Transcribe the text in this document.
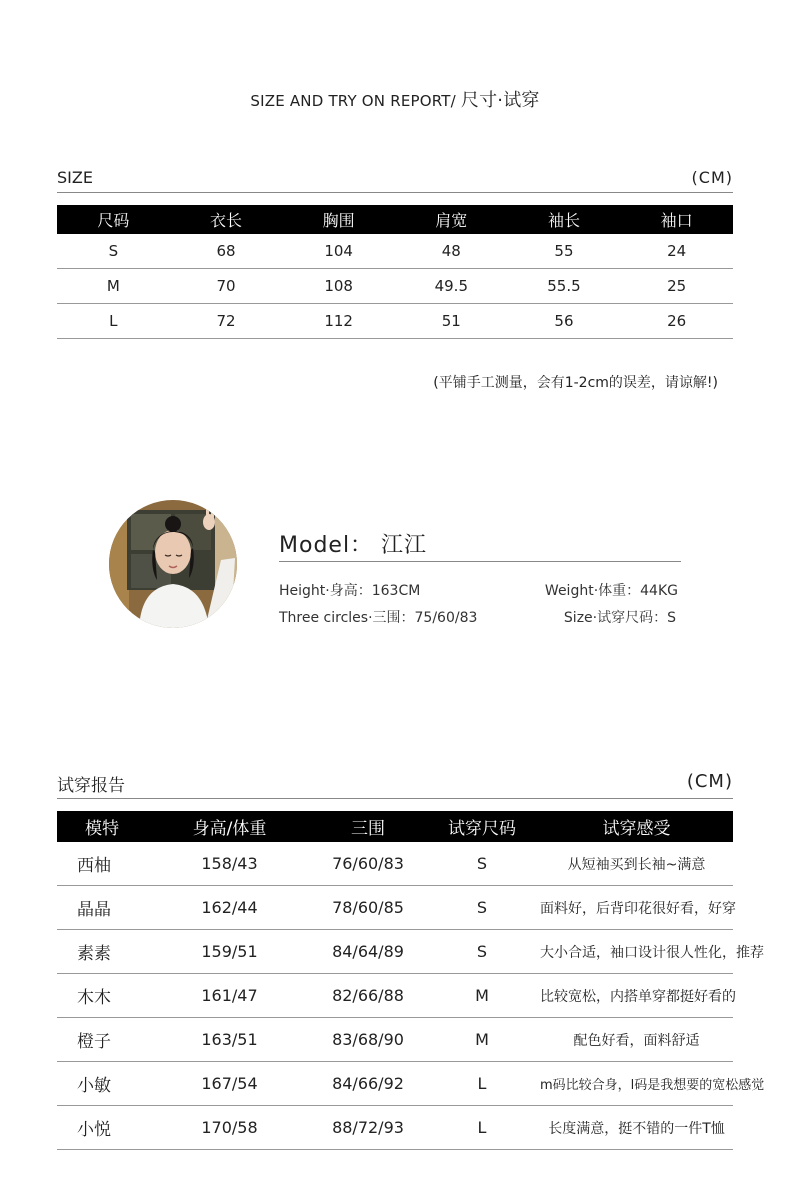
SIZE AND TRY ON REPORT/ 尺寸·试穿
SIZE	(CM)
尺码	衣长	胸围	肩宽	袖长	袖口
S	68	104	48	55	24
M	70	108	49.5	55.5	25
L	72	112	51	56	26
(平铺手工测量，会有1-2cm的误差，请谅解!)
Model： 江江
Height·身高：163CM	Weight·体重：44KG
Three circles·三围：75/60/83	Size·试穿尺码：S
试穿报告	(CM)
模特	身高/体重	三围	试穿尺码	试穿感受
西柚	158/43	76/60/83	S	从短袖买到长袖~满意
晶晶	162/44	78/60/85	S	面料好，后背印花很好看，好穿
素素	159/51	84/64/89	S	大小合适，袖口设计很人性化，推荐
木木	161/47	82/66/88	M	比较宽松，内搭单穿都挺好看的
橙子	163/51	83/68/90	M	配色好看，面料舒适
小敏	167/54	84/66/92	L	m码比较合身，l码是我想要的宽松感觉
小悦	170/58	88/72/93	L	长度满意，挺不错的一件T恤
